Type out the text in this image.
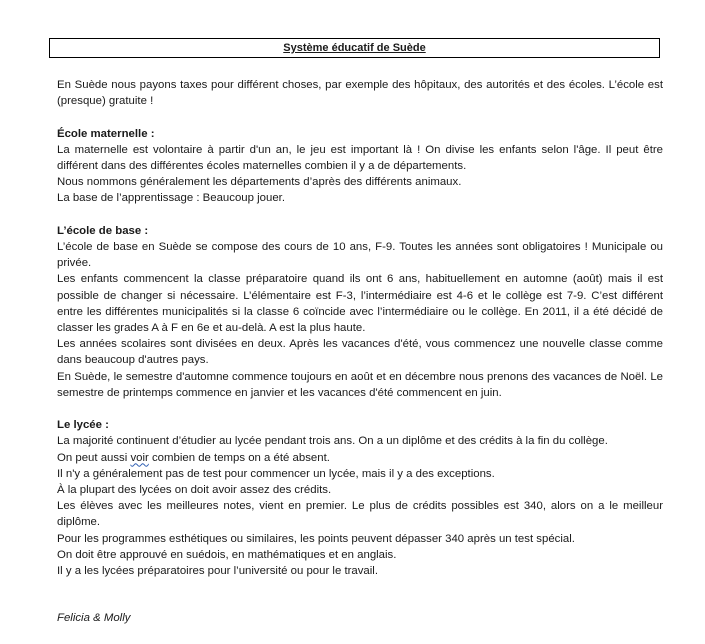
Système éducatif de Suède

En Suède nous payons taxes pour différent choses, par exemple des hôpitaux, des autorités et des écoles. L’école est (presque) gratuite !

École maternelle :

La maternelle est volontaire à partir d'un an, le jeu est important là ! On divise les enfants selon l'âge. Il peut être différent dans des différentes écoles maternelles combien il y a de départements.

Nous nommons généralement les départements d’après des différents animaux.

La base de l’apprentissage : Beaucoup jouer.

L’école de base :

L’école de base en Suède se compose des cours de 10 ans, F-9. Toutes les années sont obligatoires ! Municipale ou privée.

Les enfants commencent la classe préparatoire quand ils ont 6 ans, habituellement en automne (août) mais il est possible de changer si nécessaire. L’élémentaire est F-3, l’intermédiaire est 4-6 et le collège est 7-9. C’est différent entre les différentes municipalités si la classe 6 coïncide avec l’intermédiaire ou le collège. En 2011, il a été décidé de classer les grades A à F en 6e et au-delà. A est la plus haute.

Les années scolaires sont divisées en deux. Après les vacances d'été, vous commencez une nouvelle classe comme dans beaucoup d'autres pays.

En Suède, le semestre d'automne commence toujours en août et en décembre nous prenons des vacances de Noël. Le semestre de printemps commence en janvier et les vacances d'été commencent en juin.

Le lycée :

La majorité continuent d’étudier au lycée pendant trois ans. On a un diplôme et des crédits à la fin du collège.

On peut aussi voir combien de temps on a été absent.

Il n'y a généralement pas de test pour commencer un lycée, mais il y a des exceptions.

À la plupart des lycées on doit avoir assez des crédits.

Les élèves avec les meilleures notes, vient en premier. Le plus de crédits possibles est 340, alors on a le meilleur diplôme.

Pour les programmes esthétiques ou similaires, les points peuvent dépasser 340 après un test spécial.

On doit être approuvé en suédois, en mathématiques et en anglais.

Il y a les lycées préparatoires pour l’université ou pour le travail.

Felicia & Molly
